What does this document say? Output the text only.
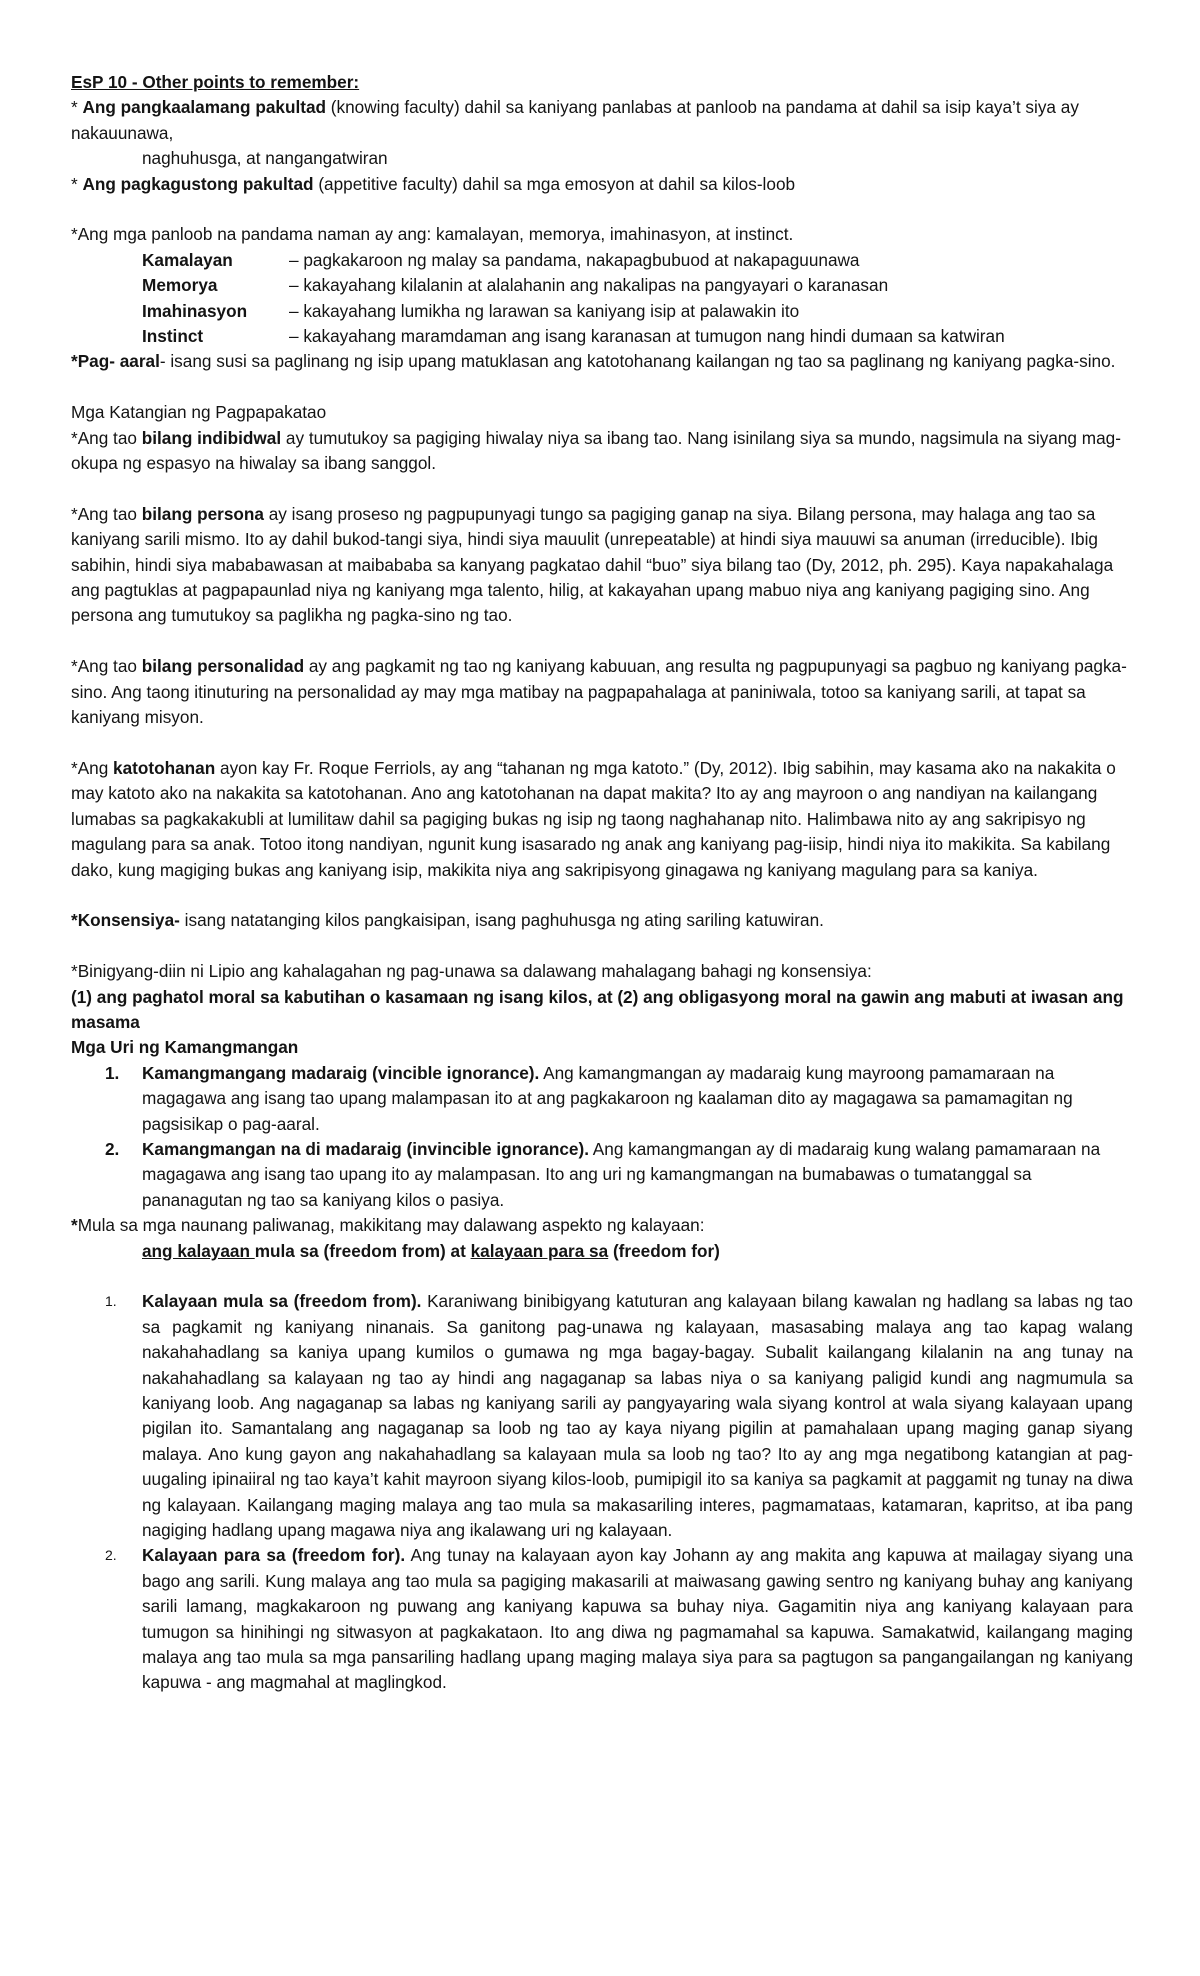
EsP 10 - Other points to remember:

* Ang pangkaalamang pakultad (knowing faculty) dahil sa kaniyang panlabas at panloob na pandama at dahil sa isip kaya’t siya ay nakauunawa,

naghuhusga, at nangangatwiran

* Ang pagkagustong pakultad (appetitive faculty) dahil sa mga emosyon at dahil sa kilos-loob

*Ang mga panloob na pandama naman ay ang: kamalayan, memorya, imahinasyon, at instinct.

Kamalayan	– pagkakaroon ng malay sa pandama, nakapagbubuod at nakapaguunawa
Memorya	– kakayahang kilalanin at alalahanin ang nakalipas na pangyayari o karanasan
Imahinasyon	– kakayahang lumikha ng larawan sa kaniyang isip at palawakin ito
Instinct	– kakayahang maramdaman ang isang karanasan at tumugon nang hindi dumaan sa katwiran

*Pag- aaral- isang susi sa paglinang ng isip upang matuklasan ang katotohanang kailangan ng tao sa paglinang ng kaniyang pagka-sino.

Mga Katangian ng Pagpapakatao

*Ang tao bilang indibidwal ay tumutukoy sa pagiging hiwalay niya sa ibang tao. Nang isinilang siya sa mundo, nagsimula na siyang mag-okupa ng espasyo na hiwalay sa ibang sanggol.

*Ang tao bilang persona ay isang proseso ng pagpupunyagi tungo sa pagiging ganap na siya. Bilang persona, may halaga ang tao sa kaniyang sarili mismo. Ito ay dahil bukod-tangi siya, hindi siya mauulit (unrepeatable) at hindi siya mauuwi sa anuman (irreducible). Ibig sabihin, hindi siya mababawasan at maibababa sa kanyang pagkatao dahil “buo” siya bilang tao (Dy, 2012, ph. 295). Kaya napakahalaga ang pagtuklas at pagpapaunlad niya ng kaniyang mga talento, hilig, at kakayahan upang mabuo niya ang kaniyang pagiging sino. Ang persona ang tumutukoy sa paglikha ng pagka-sino ng tao.

*Ang tao bilang personalidad ay ang pagkamit ng tao ng kaniyang kabuuan, ang resulta ng pagpupunyagi sa pagbuo ng kaniyang pagka-sino. Ang taong itinuturing na personalidad ay may mga matibay na pagpapahalaga at paniniwala, totoo sa kaniyang sarili, at tapat sa kaniyang misyon.

*Ang katotohanan ayon kay Fr. Roque Ferriols, ay ang “tahanan ng mga katoto.” (Dy, 2012). Ibig sabihin, may kasama ako na nakakita o may katoto ako na nakakita sa katotohanan. Ano ang katotohanan na dapat makita? Ito ay ang mayroon o ang nandiyan na kailangang lumabas sa pagkakakubli at lumilitaw dahil sa pagiging bukas ng isip ng taong naghahanap nito. Halimbawa nito ay ang sakripisyo ng magulang para sa anak. Totoo itong nandiyan, ngunit kung isasarado ng anak ang kaniyang pag-iisip, hindi niya ito makikita. Sa kabilang dako, kung magiging bukas ang kaniyang isip, makikita niya ang sakripisyong ginagawa ng kaniyang magulang para sa kaniya.

*Konsensiya- isang natatanging kilos pangkaisipan, isang paghuhusga ng ating sariling katuwiran.

*Binigyang-diin ni Lipio ang kahalagahan ng pag-unawa sa dalawang mahalagang bahagi ng konsensiya:

(1) ang paghatol moral sa kabutihan o kasamaan ng isang kilos, at (2) ang obligasyong moral na gawin ang mabuti at iwasan ang masama

Mga Uri ng Kamangmangan

1. Kamangmangang madaraig (vincible ignorance). Ang kamangmangan ay madaraig kung mayroong pamamaraan na magagawa ang isang tao upang malampasan ito at ang pagkakaroon ng kaalaman dito ay magagawa sa pamamagitan ng pagsisikap o pag-aaral.
2. Kamangmangan na di madaraig (invincible ignorance). Ang kamangmangan ay di madaraig kung walang pamamaraan na magagawa ang isang tao upang ito ay malampasan. Ito ang uri ng kamangmangan na bumabawas o tumatanggal sa pananagutan ng tao sa kaniyang kilos o pasiya.

*Mula sa mga naunang paliwanag, makikitang may dalawang aspekto ng kalayaan:

ang kalayaan mula sa (freedom from) at kalayaan para sa (freedom for)

1. Kalayaan mula sa (freedom from). Karaniwang binibigyang katuturan ang kalayaan bilang kawalan ng hadlang sa labas ng tao sa pagkamit ng kaniyang ninanais. Sa ganitong pag-unawa ng kalayaan, masasabing malaya ang tao kapag walang nakahahadlang sa kaniya upang kumilos o gumawa ng mga bagay-bagay. Subalit kailangang kilalanin na ang tunay na nakahahadlang sa kalayaan ng tao ay hindi ang nagaganap sa labas niya o sa kaniyang paligid kundi ang nagmumula sa kaniyang loob. Ang nagaganap sa labas ng kaniyang sarili ay pangyayaring wala siyang kontrol at wala siyang kalayaan upang pigilan ito. Samantalang ang nagaganap sa loob ng tao ay kaya niyang pigilin at pamahalaan upang maging ganap siyang malaya. Ano kung gayon ang nakahahadlang sa kalayaan mula sa loob ng tao? Ito ay ang mga negatibong katangian at pag-uugaling ipinaiiral ng tao kaya’t kahit mayroon siyang kilos-loob, pumipigil ito sa kaniya sa pagkamit at paggamit ng tunay na diwa ng kalayaan. Kailangang maging malaya ang tao mula sa makasariling interes, pagmamataas, katamaran, kapritso, at iba pang nagiging hadlang upang magawa niya ang ikalawang uri ng kalayaan.
2. Kalayaan para sa (freedom for). Ang tunay na kalayaan ayon kay Johann ay ang makita ang kapuwa at mailagay siyang una bago ang sarili. Kung malaya ang tao mula sa pagiging makasarili at maiwasang gawing sentro ng kaniyang buhay ang kaniyang sarili lamang, magkakaroon ng puwang ang kaniyang kapuwa sa buhay niya. Gagamitin niya ang kaniyang kalayaan para tumugon sa hinihingi ng sitwasyon at pagkakataon. Ito ang diwa ng pagmamahal sa kapuwa. Samakatwid, kailangang maging malaya ang tao mula sa mga pansariling hadlang upang maging malaya siya para sa pagtugon sa pangangailangan ng kaniyang kapuwa - ang magmahal at maglingkod.
